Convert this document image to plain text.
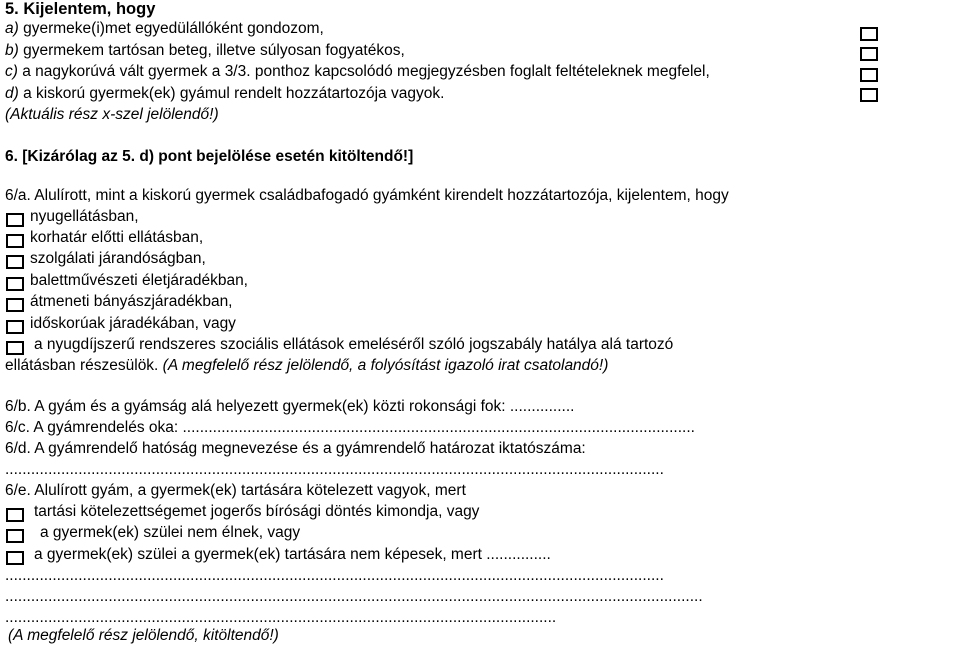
5. Kijelentem, hogy
a) gyermeke(i)met egyedülállóként gondozom,
b) gyermekem tartósan beteg, illetve súlyosan fogyatékos,
c) a nagykorúvá vált gyermek a 3/3. ponthoz kapcsolódó megjegyzésben foglalt feltételeknek megfelel,
d) a kiskorú gyermek(ek) gyámul rendelt hozzátartozója vagyok.
(Aktuális rész x-szel jelölendő!)
6. [Kizárólag az 5. d) pont bejelölése esetén kitöltendő!]
6/a. Alulírott, mint a kiskorú gyermek családbafogadó gyámként kirendelt hozzátartozója, kijelentem, hogy
nyugellátásban,
korhatár előtti ellátásban,
szolgálati járandóságban,
balettművészeti életjáradékban,
átmeneti bányászjáradékban,
időskorúak járadékában, vagy
a nyugdíjszerű rendszeres szociális ellátások emeléséről szóló jogszabály hatálya alá tartozó
ellátásban részesülök. (A megfelelő rész jelölendő, a folyósítást igazoló irat csatolandó!)
6/b. A gyám és a gyámság alá helyezett gyermek(ek) közti rokonsági fok: ...............
6/c. A gyámrendelés oka: .......................................................................................................................
6/d. A gyámrendelő hatóság megnevezése és a gyámrendelő határozat iktatószáma:
.........................................................................................................................................................
6/e. Alulírott gyám, a gyermek(ek) tartására kötelezett vagyok, mert
tartási kötelezettségemet jogerős bírósági döntés kimondja, vagy
a gyermek(ek) szülei nem élnek, vagy
a gyermek(ek) szülei a gyermek(ek) tartására nem képesek, mert ...............
.........................................................................................................................................................
..................................................................................................................................................................
................................................................................................................................
(A megfelelő rész jelölendő, kitöltendő!)
